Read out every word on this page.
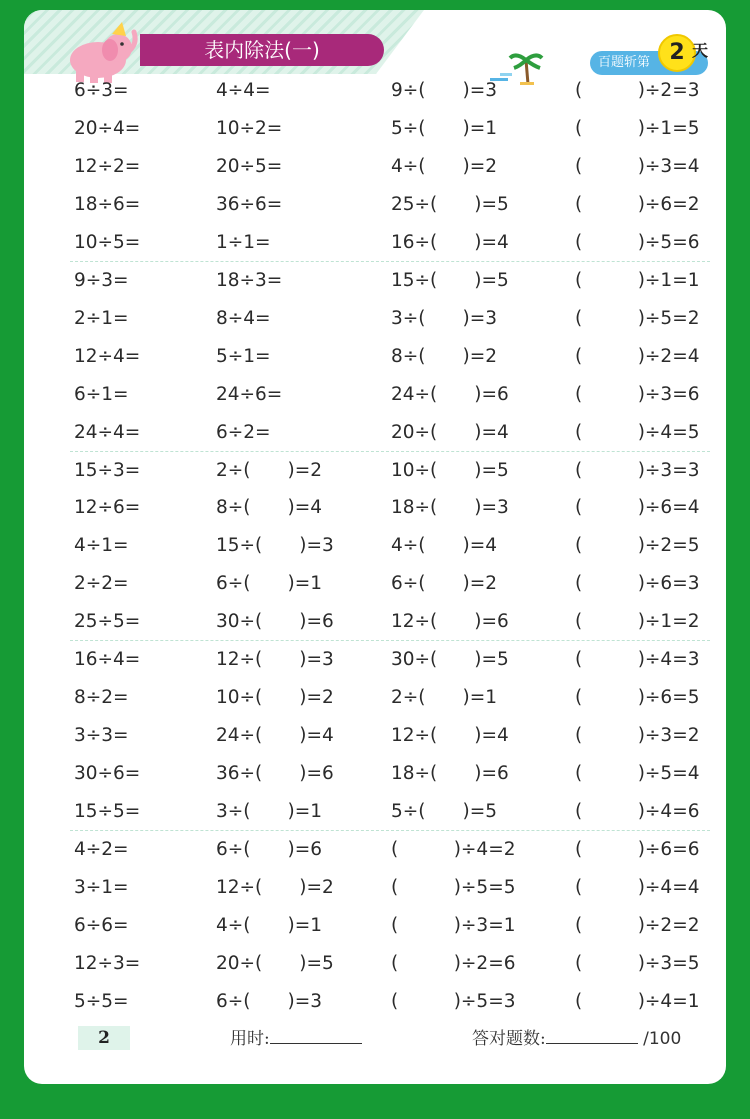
表内除法(一)
百题斩第 2 天
6÷3=	4÷4=	9÷(　　)=3	(　　　)÷2=3
20÷4=	10÷2=	5÷(　　)=1	(　　　)÷1=5
12÷2=	20÷5=	4÷(　　)=2	(　　　)÷3=4
18÷6=	36÷6=	25÷(　　)=5	(　　　)÷6=2
10÷5=	1÷1=	16÷(　　)=4	(　　　)÷5=6
9÷3=	18÷3=	15÷(　　)=5	(　　　)÷1=1
2÷1=	8÷4=	3÷(　　)=3	(　　　)÷5=2
12÷4=	5÷1=	8÷(　　)=2	(　　　)÷2=4
6÷1=	24÷6=	24÷(　　)=6	(　　　)÷3=6
24÷4=	6÷2=	20÷(　　)=4	(　　　)÷4=5
15÷3=	2÷(　　)=2	10÷(　　)=5	(　　　)÷3=3
12÷6=	8÷(　　)=4	18÷(　　)=3	(　　　)÷6=4
4÷1=	15÷(　　)=3	4÷(　　)=4	(　　　)÷2=5
2÷2=	6÷(　　)=1	6÷(　　)=2	(　　　)÷6=3
25÷5=	30÷(　　)=6	12÷(　　)=6	(　　　)÷1=2
16÷4=	12÷(　　)=3	30÷(　　)=5	(　　　)÷4=3
8÷2=	10÷(　　)=2	2÷(　　)=1	(　　　)÷6=5
3÷3=	24÷(　　)=4	12÷(　　)=4	(　　　)÷3=2
30÷6=	36÷(　　)=6	18÷(　　)=6	(　　　)÷5=4
15÷5=	3÷(　　)=1	5÷(　　)=5	(　　　)÷4=6
4÷2=	6÷(　　)=6	(　　　)÷4=2	(　　　)÷6=6
3÷1=	12÷(　　)=2	(　　　)÷5=5	(　　　)÷4=4
6÷6=	4÷(　　)=1	(　　　)÷3=1	(　　　)÷2=2
12÷3=	20÷(　　)=5	(　　　)÷2=6	(　　　)÷3=5
5÷5=	6÷(　　)=3	(　　　)÷5=3	(　　　)÷4=1
2	用时:	答对题数:	/100
